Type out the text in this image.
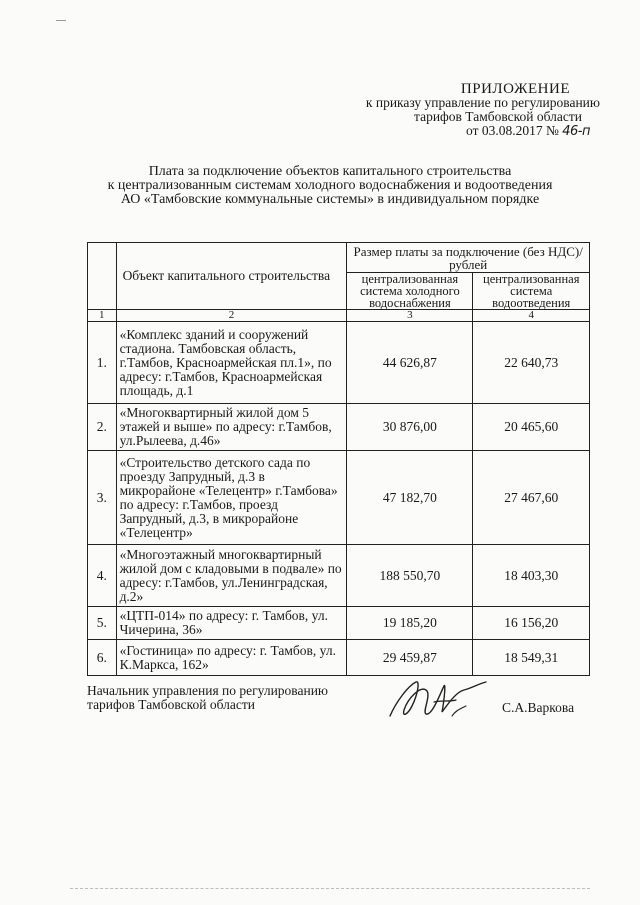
ПРИЛОЖЕНИЕ
к приказу управление по регулированию
тарифов Тамбовской области
от 03.08.2017 № 46-п
Плата за подключение объектов капитального строительства
к централизованным системам холодного водоснабжения и водоотведения
АО «Тамбовские коммунальные системы» в индивидуальном порядке
	Объект капитального строительства	Размер платы за подключение (без НДС)/рублей	
		централизованная система холодного водоснабжения	централизованная система водоотведения
1	2	3	4
1.	«Комплекс зданий и сооружений стадиона. Тамбовская область, г.Тамбов, Красноармейская пл.1», по адресу: г.Тамбов, Красноармейская площадь, д.1	44 626,87	22 640,73
2.	«Многоквартирный жилой дом 5 этажей и выше» по адресу: г.Тамбов, ул.Рылеева, д.46»	30 876,00	20 465,60
3.	«Строительство детского сада по проезду Запрудный, д.3 в микрорайоне «Телецентр» г.Тамбова» по адресу: г.Тамбов, проезд Запрудный, д.3, в микрорайоне «Телецентр»	47 182,70	27 467,60
4.	«Многоэтажный многоквартирный жилой дом с кладовыми в подвале» по адресу: г.Тамбов, ул.Ленинградская, д.2»	188 550,70	18 403,30
5.	«ЦТП-014» по адресу: г. Тамбов, ул. Чичерина, 36»	19 185,20	16 156,20
6.	«Гостиница» по адресу: г. Тамбов, ул. К.Маркса, 162»	29 459,87	18 549,31
Начальник управления по регулированию
тарифов Тамбовской области	С.А.Варкова
